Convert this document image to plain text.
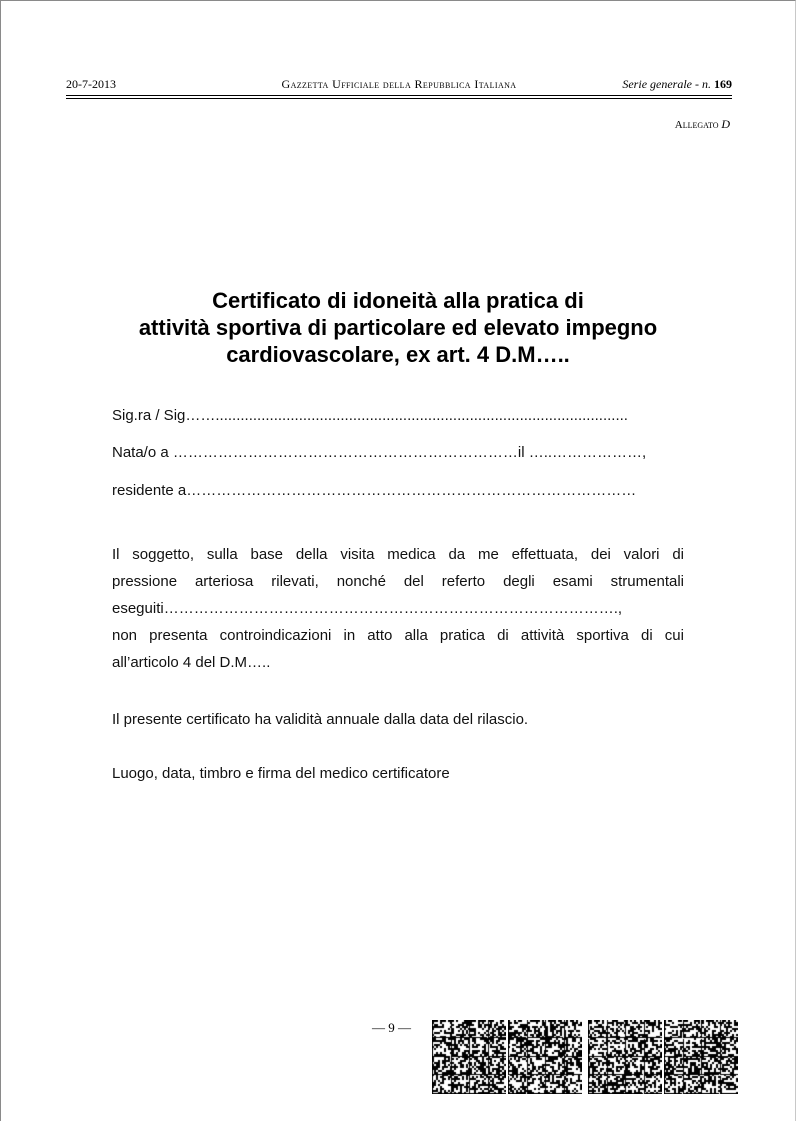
20-7-2013	Gazzetta Ufficiale della Repubblica Italiana	Serie generale - n. 169
Allegato D
Certificato di idoneità alla pratica di
attività sportiva di particolare ed elevato impegno
cardiovascolare, ex art. 4 D.M…..
Sig.ra / Sig……...................................................................................................
Nata/o a ……………………………………………………………il …..………………,
residente a………………………………………………………………………………
Il soggetto, sulla base della visita medica da me effettuata, dei valori di
pressione arteriosa rilevati, nonché del referto degli esami strumentali
eseguiti……………………………………………………………………………….,
non presenta controindicazioni in atto alla pratica di attività sportiva di cui
all’articolo 4 del D.M…..
Il presente certificato ha validità annuale dalla data del rilascio.
Luogo, data, timbro e firma del medico certificatore
— 9 —
